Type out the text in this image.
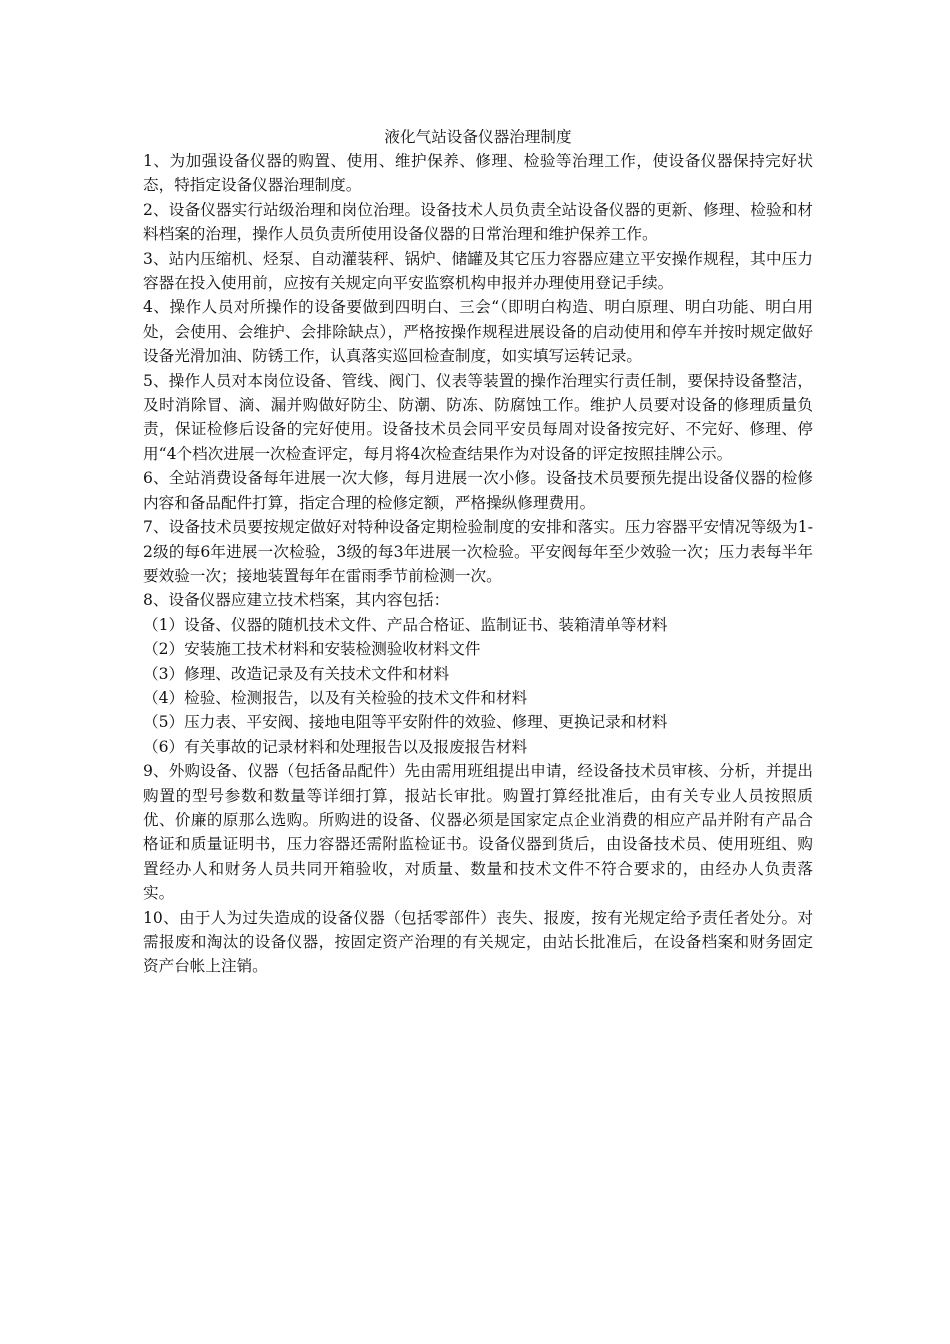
液化气站设备仪器治理制度

1、为加强设备仪器的购置、使用、维护保养、修理、检验等治理工作，使设备仪器保持完好状态，特指定设备仪器治理制度。

2、设备仪器实行站级治理和岗位治理。设备技术人员负责全站设备仪器的更新、修理、检验和材料档案的治理，操作人员负责所使用设备仪器的日常治理和维护保养工作。

3、站内压缩机、烃泵、自动灌装秤、锅炉、储罐及其它压力容器应建立平安操作规程，其中压力容器在投入使用前，应按有关规定向平安监察机构申报并办理使用登记手续。

4、操作人员对所操作的设备要做到四明白、三会“（即明白构造、明白原理、明白功能、明白用处，会使用、会维护、会排除缺点），严格按操作规程进展设备的启动使用和停车并按时规定做好设备光滑加油、防锈工作，认真落实巡回检查制度，如实填写运转记录。

5、操作人员对本岗位设备、管线、阀门、仪表等装置的操作治理实行责任制，要保持设备整洁，及时消除冒、滴、漏并购做好防尘、防潮、防冻、防腐蚀工作。维护人员要对设备的修理质量负责，保证检修后设备的完好使用。设备技术员会同平安员每周对设备按完好、不完好、修理、停用“4个档次进展一次检查评定，每月将4次检查结果作为对设备的评定按照挂牌公示。

6、全站消费设备每年进展一次大修，每月进展一次小修。设备技术员要预先提出设备仪器的检修内容和备品配件打算，指定合理的检修定额，严格操纵修理费用。

7、设备技术员要按规定做好对特种设备定期检验制度的安排和落实。压力容器平安情况等级为1-2级的每6年进展一次检验，3级的每3年进展一次检验。平安阀每年至少效验一次；压力表每半年要效验一次；接地装置每年在雷雨季节前检测一次。

8、设备仪器应建立技术档案，其内容包括：

（1）设备、仪器的随机技术文件、产品合格证、监制证书、装箱清单等材料

（2）安装施工技术材料和安装检测验收材料文件

（3）修理、改造记录及有关技术文件和材料

（4）检验、检测报告，以及有关检验的技术文件和材料

（5）压力表、平安阀、接地电阻等平安附件的效验、修理、更换记录和材料

（6）有关事故的记录材料和处理报告以及报废报告材料

9、外购设备、仪器（包括备品配件）先由需用班组提出申请，经设备技术员审核、分析，并提出购置的型号参数和数量等详细打算，报站长审批。购置打算经批准后，由有关专业人员按照质优、价廉的原那么选购。所购进的设备、仪器必须是国家定点企业消费的相应产品并附有产品合格证和质量证明书，压力容器还需附监检证书。设备仪器到货后，由设备技术员、使用班组、购置经办人和财务人员共同开箱验收，对质量、数量和技术文件不符合要求的，由经办人负责落实。

10、由于人为过失造成的设备仪器（包括零部件）丧失、报废，按有光规定给予责任者处分。对需报废和淘汰的设备仪器，按固定资产治理的有关规定，由站长批准后，在设备档案和财务固定资产台帐上注销。
